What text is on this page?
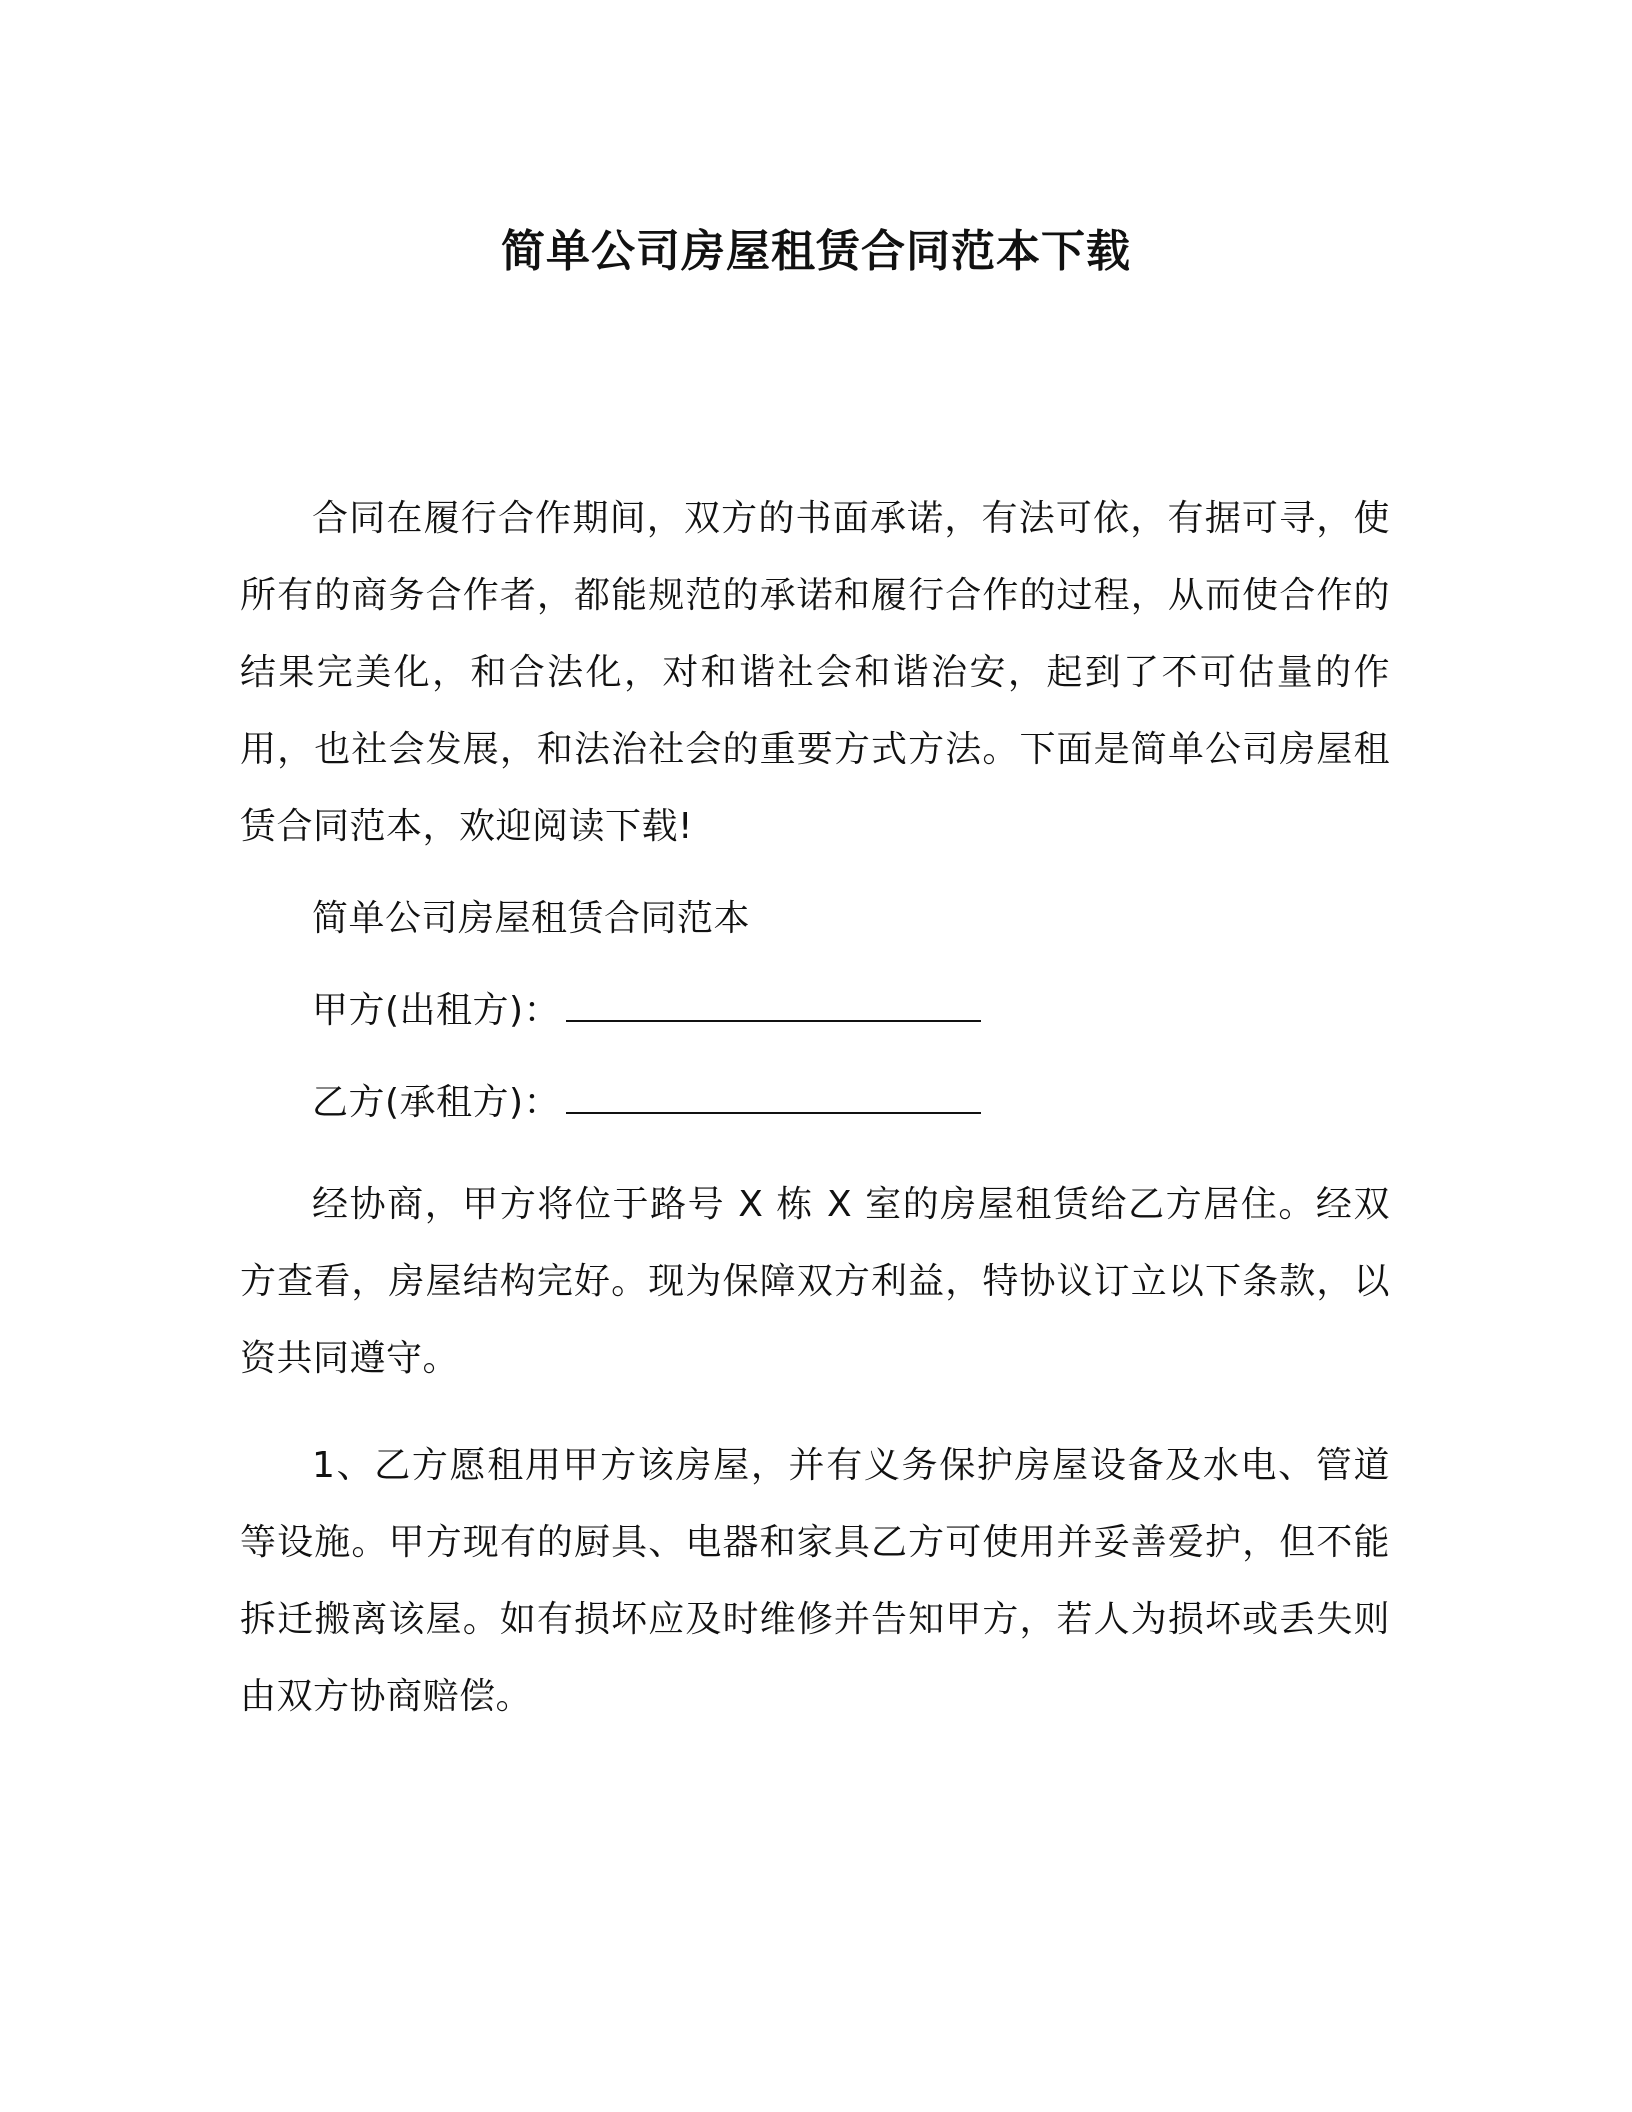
简单公司房屋租赁合同范本下载

合同在履行合作期间，双方的书面承诺，有法可依，有据可寻，使所有的商务合作者，都能规范的承诺和履行合作的过程，从而使合作的结果完美化，和合法化，对和谐社会和谐治安，起到了不可估量的作用，也社会发展，和法治社会的重要方式方法。下面是简单公司房屋租赁合同范本，欢迎阅读下载!

简单公司房屋租赁合同范本

甲方(出租方)：

乙方(承租方)：

经协商，甲方将位于路号 X 栋 X 室的房屋租赁给乙方居住。经双方查看，房屋结构完好。现为保障双方利益，特协议订立以下条款，以资共同遵守。

1、乙方愿租用甲方该房屋，并有义务保护房屋设备及水电、管道等设施。甲方现有的厨具、电器和家具乙方可使用并妥善爱护，但不能拆迁搬离该屋。如有损坏应及时维修并告知甲方，若人为损坏或丢失则由双方协商赔偿。
